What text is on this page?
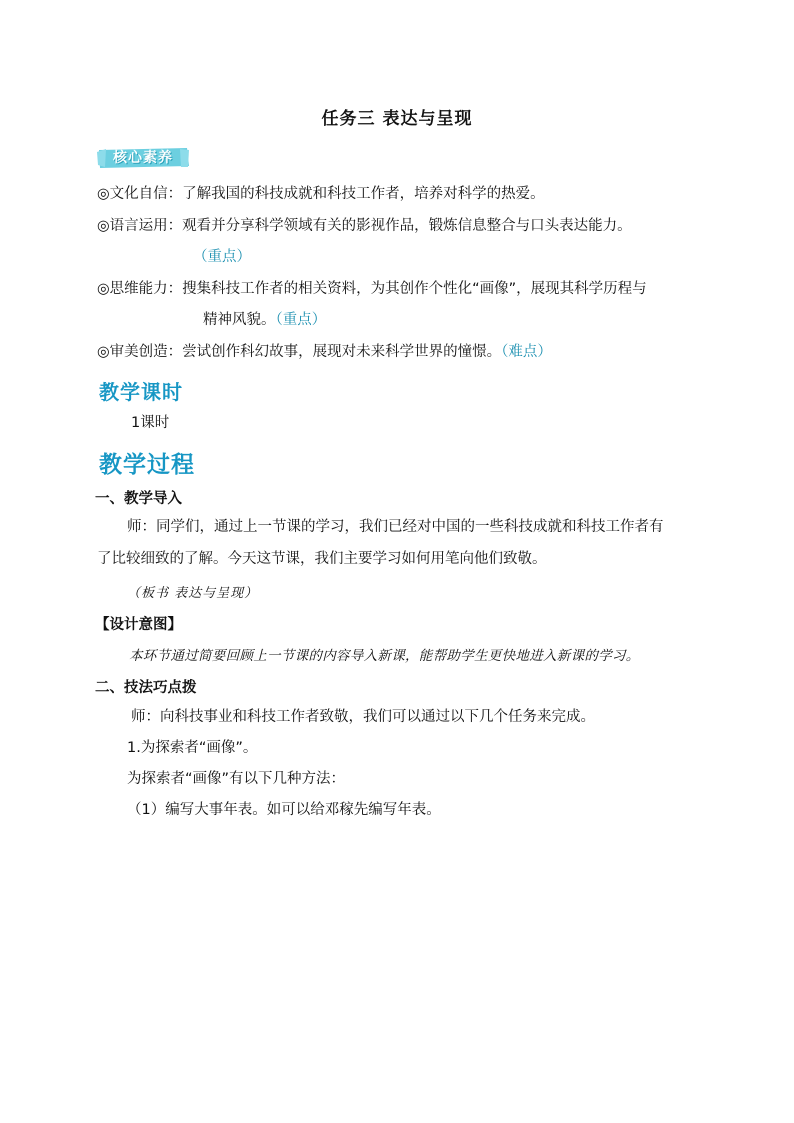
任务三 表达与呈现
核心素养
◎文化自信：了解我国的科技成就和科技工作者，培养对科学的热爱。
◎语言运用：观看并分享科学领域有关的影视作品，锻炼信息整合与口头表达能力。
（重点）
◎思维能力：搜集科技工作者的相关资料，为其创作个性化“画像”，展现其科学历程与
精神风貌。（重点）
◎审美创造：尝试创作科幻故事，展现对未来科学世界的憧憬。（难点）
教学课时
1课时
教学过程
一、教学导入
师：同学们，通过上一节课的学习，我们已经对中国的一些科技成就和科技工作者有
了比较细致的了解。今天这节课，我们主要学习如何用笔向他们致敬。
（板书 表达与呈现）
【设计意图】
本环节通过简要回顾上一节课的内容导入新课，能帮助学生更快地进入新课的学习。
二、技法巧点拨
师：向科技事业和科技工作者致敬，我们可以通过以下几个任务来完成。
1.为探索者“画像”。
为探索者“画像”有以下几种方法：
（1）编写大事年表。如可以给邓稼先编写年表。
